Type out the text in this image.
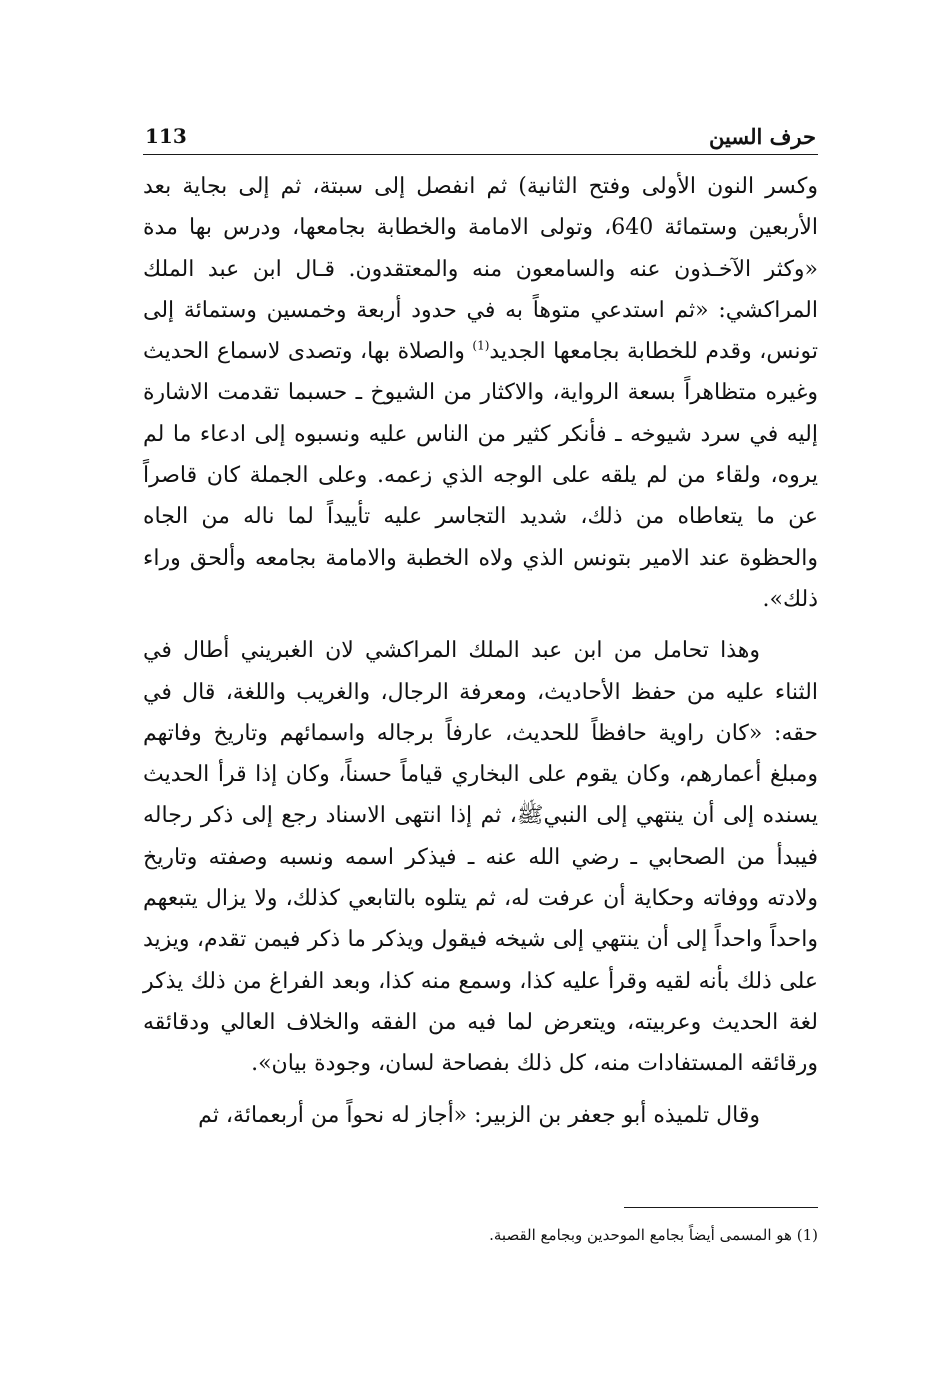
حرف السين
113

وكسر النون الأولى وفتح الثانية) ثم انفصل إلى سبتة، ثم إلى بجاية بعد الأربعين وستمائة 640، وتولى الامامة والخطابة بجامعها، ودرس بها مدة «وكثر الآخـذون عنه والسامعون منه والمعتقدون. قـال ابن عبد الملك المراكشي: «ثم استدعي متوهاً به في حدود أربعة وخمسين وستمائة إلى تونس، وقدم للخطابة بجامعها الجديد$^{(1)}$ والصلاة بها، وتصدى لاسماع الحديث وغيره متظاهراً بسعة الرواية، والاكثار من الشيوخ ـ حسبما تقدمت الاشارة إليه في سرد شيوخه ـ فأنكر كثير من الناس عليه ونسبوه إلى ادعاء ما لم يروه، ولقاء من لم يلقه على الوجه الذي زعمه. وعلى الجملة كان قاصراً عن ما يتعاطاه من ذلك، شديد التجاسر عليه تأييداً لما ناله من الجاه والحظوة عند الامير بتونس الذي ولاه الخطبة والامامة بجامعه وألحق وراء ذلك».

وهذا تحامل من ابن عبد الملك المراكشي لان الغبريني أطال في الثناء عليه من حفظ الأحاديث، ومعرفة الرجال، والغريب واللغة، قال في حقه: «كان راوية حافظاً للحديث، عارفاً برجاله واسمائهم وتاريخ وفاتهم ومبلغ أعمارهم، وكان يقوم على البخاري قياماً حسناً، وكان إذا قرأ الحديث يسنده إلى أن ينتهي إلى النبيﷺ، ثم إذا انتهى الاسناد رجع إلى ذكر رجاله فيبدأ من الصحابي ـ رضي الله عنه ـ فيذكر اسمه ونسبه وصفته وتاريخ ولادته ووفاته وحكاية أن عرفت له، ثم يتلوه بالتابعي كذلك، ولا يزال يتبعهم واحداً واحداً إلى أن ينتهي إلى شيخه فيقول ويذكر ما ذكر فيمن تقدم، ويزيد على ذلك بأنه لقيه وقرأ عليه كذا، وسمع منه كذا، وبعد الفراغ من ذلك يذكر لغة الحديث وعربيته، ويتعرض لما فيه من الفقه والخلاف العالي ودقائقه ورقائقه المستفادات منه، كل ذلك بفصاحة لسان، وجودة بيان».

وقال تلميذه أبو جعفر بن الزبير: «أجاز له نحواً من أربعمائة، ثم

(1) هو المسمى أيضاً بجامع الموحدين وبجامع القصبة.
